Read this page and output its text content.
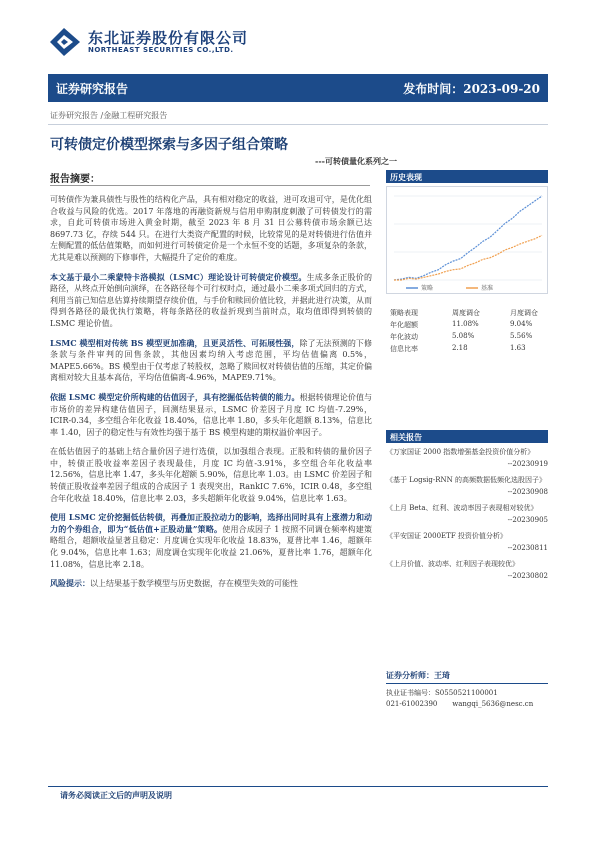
东北证券股份有限公司
NORTHEAST SECURITIES CO.,LTD.
证券研究报告	发布时间：2023-09-20
证券研究报告 /金融工程研究报告
可转债定价模型探索与多因子组合策略
---可转债量化系列之一
报告摘要：

可转债作为兼具债性与股性的结构化产品，具有相对稳定的收益，进可攻退可守，是优化组合收益与风险的优选。2017 年落地的再融资新规与信用申购制度刺激了可转债发行的需求，自此可转债市场进入黄金时期，截至 2023 年 8 月 31 日公募转债市场余额已达 8697.73 亿，存续 544 只。在进行大类资产配置的时候，比较常见的是对转债进行估值并左侧配置的低估值策略，而如何进行可转债定价是一个永恒不变的话题，多项复杂的条款，尤其是难以预测的下修事件，大幅提升了定价的难度。

本文基于最小二乘蒙特卡洛模拟（LSMC）理论设计可转债定价模型。生成多条正股价的路径，从终点开始倒向演绎，在各路径每个可行权时点，通过最小二乘多项式回归的方式，利用当前已知信息估算持续期望存续价值，与手价和赎回价值比较，并据此进行决策，从而得到各路径的最优执行策略，将每条路径的收益折现到当前时点，取均值即得到转债的 LSMC 理论价值。

LSMC 模型相对传统 BS 模型更加准确，且更灵活性、可拓展性强，除了无法预测的下修条款与条件审判的回售条款，其他因素均纳入考虑范围，平均估值偏离 0.5%，MAPE5.66%。BS 模型由于仅考虑了转股权，忽略了赎回权对转债估值的压缩，其定价偏离相对较大且基本高估，平均估值偏离-4.96%，MAPE9.71%。

依据 LSMC 模型定价所构建的估值因子，具有挖掘低估转债的能力。根据转债理论价值与市场价的差异构建估值因子，回测结果显示，LSMC 价差因子月度 IC 均值-7.29%，ICIR-0.34，多空组合年化收益 18.40%，信息比率 1.80，多头年化超额 8.13%，信息比率 1.40，因子的稳定性与有效性均强于基于 BS 模型构建的期权溢价率因子。

在低估值因子的基础上结合量价因子进行选债，以加强组合表现。正股和转债的量价因子中，转债正股收益率差因子表现最佳，月度 IC 均值-3.91%，多空组合年化收益率 12.56%，信息比率 1.47，多头年化超额 5.90%，信息比率 1.03。由 LSMC 价差因子和转债正股收益率差因子组成的合成因子 1 表现突出，RankIC 7.6%，ICIR 0.48，多空组合年化收益 18.40%，信息比率 2.03，多头超额年化收益 9.04%，信息比率 1.63。

使用 LSMC 定价挖掘低估转债，再叠加正股拉动力的影响，选择出同时具有上涨潜力和动力的个券组合，即为“低估值+正股动量”策略。使用合成因子 1 按照不同调仓频率构建策略组合，超额收益显著且稳定：月度调仓实现年化收益 18.83%，夏普比率 1.46，超额年化 9.04%，信息比率 1.63；周度调仓实现年化收益 21.06%，夏普比率 1.76，超额年化 11.08%，信息比率 2.18。

风险提示：以上结果基于数学模型与历史数据，存在模型失效的可能性

历史表现
策略	基准
策略表现	周度调仓	月度调仓
年化超额	11.08%	9.04%
年化波动	5.08%	5.56%
信息比率	2.18	1.63
相关报告
《万家国证 2000 指数增强基金投资价值分析》
--20230919
《基于 Logsig-RNN 的高频数据低频化选股因子》
--20230908
《上月 Beta、红利、波动率因子表现相对较优》
--20230905
《平安国证 2000ETF 投资价值分析》
--20230811
《上月价值、波动率、红利因子表现较优》
--20230802
证券分析师：王琦
执业证书编号：S0550521100001
021-61002390 wangqi_5636@nesc.cn
请务必阅读正文后的声明及说明
